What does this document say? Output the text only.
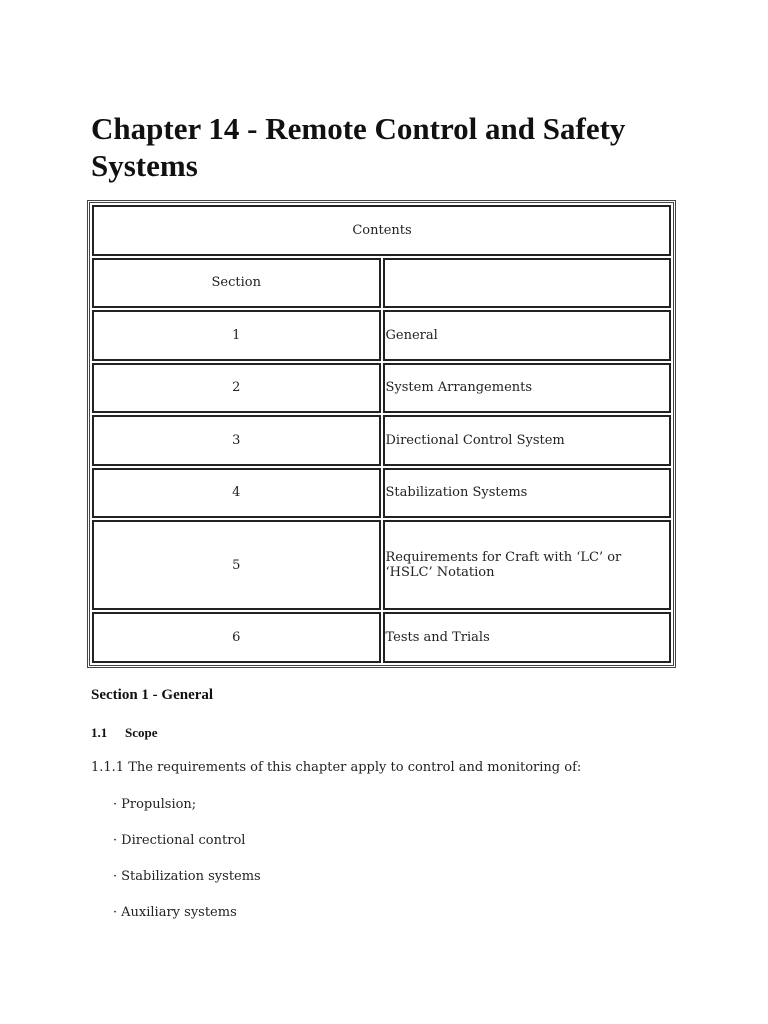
Chapter 14 - Remote Control and Safety Systems
Contents	
Section	
1	General
2	System Arrangements
3	Directional Control System
4	Stabilization Systems
5	Requirements for Craft with ‘LC’ or ‘HSLC’ Notation
6	Tests and Trials
Section 1 - General
1.1 Scope

1.1.1 The requirements of this chapter apply to control and monitoring of:

· Propulsion;
· Directional control
· Stabilization systems
· Auxiliary systems
